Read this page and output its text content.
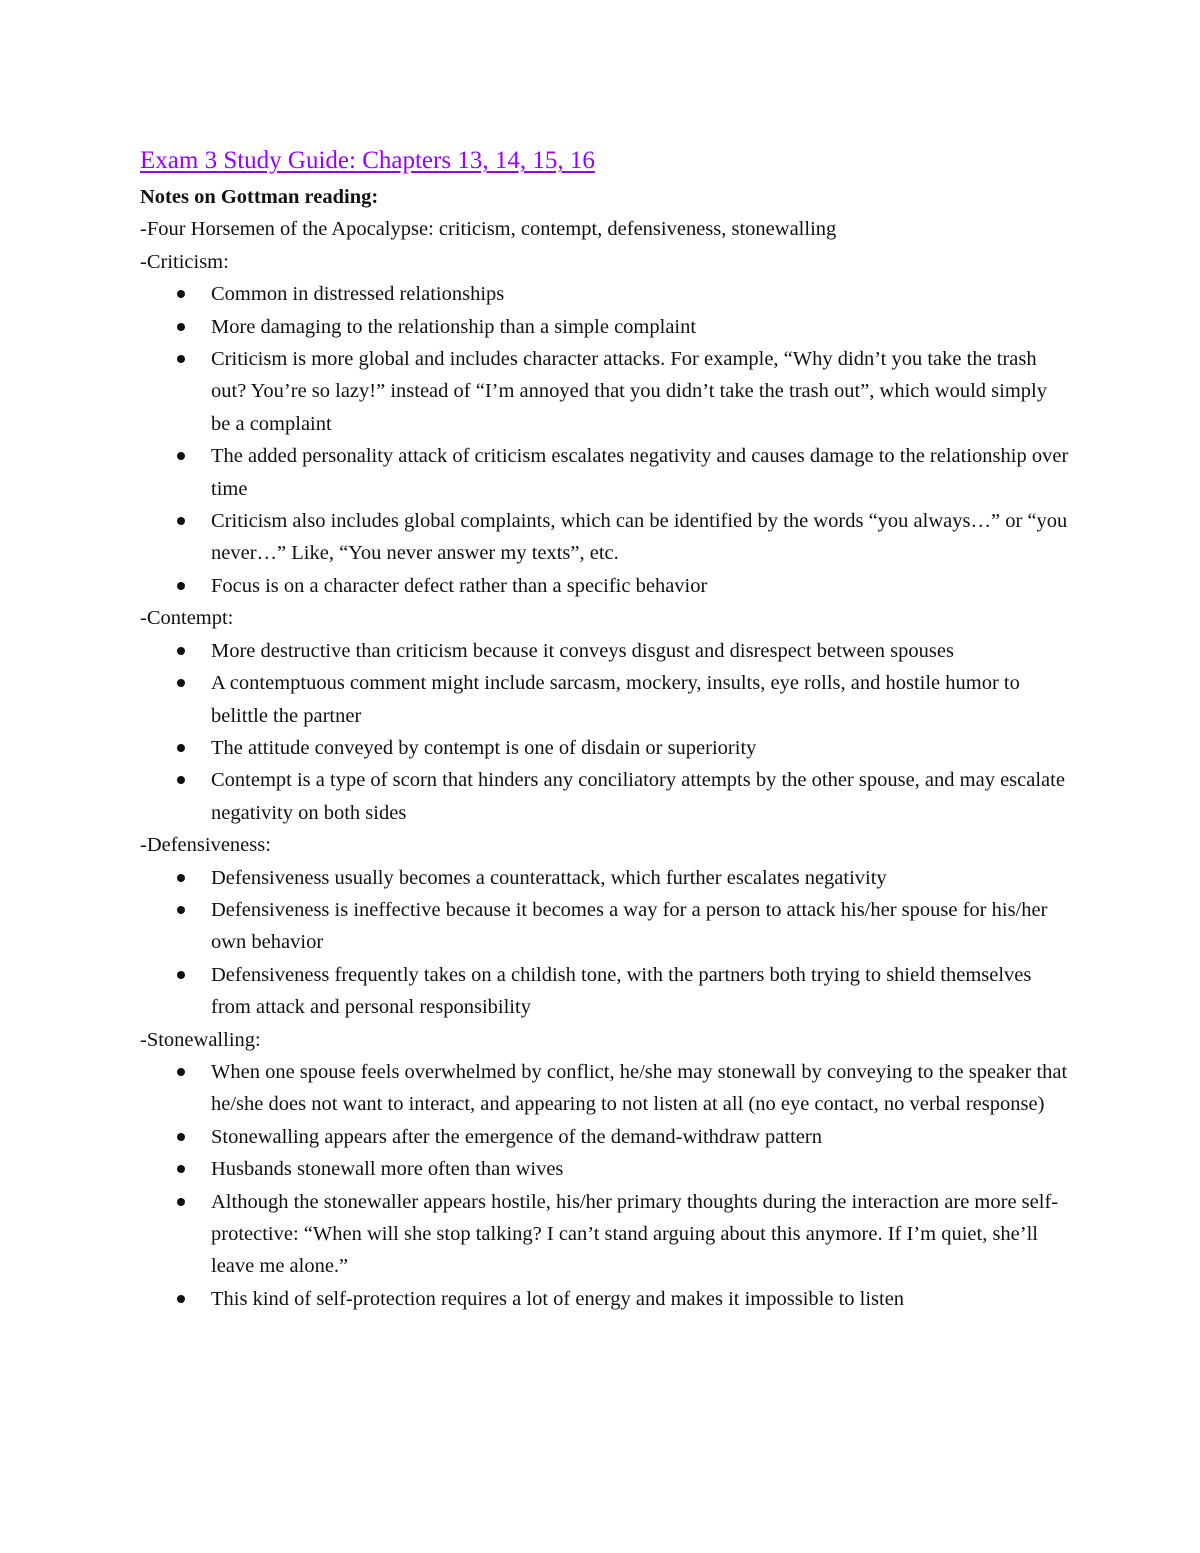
Exam 3 Study Guide: Chapters 13, 14, 15, 16
Notes on Gottman reading:
-Four Horsemen of the Apocalypse: criticism, contempt, defensiveness, stonewalling
-Criticism:
Common in distressed relationships
More damaging to the relationship than a simple complaint
Criticism is more global and includes character attacks. For example, “Why didn’t you take the trash out? You’re so lazy!” instead of “I’m annoyed that you didn’t take the trash out”, which would simply be a complaint
The added personality attack of criticism escalates negativity and causes damage to the relationship over time
Criticism also includes global complaints, which can be identified by the words “you always…” or “you never…” Like, “You never answer my texts”, etc.
Focus is on a character defect rather than a specific behavior
-Contempt:
More destructive than criticism because it conveys disgust and disrespect between spouses
A contemptuous comment might include sarcasm, mockery, insults, eye rolls, and hostile humor to belittle the partner
The attitude conveyed by contempt is one of disdain or superiority
Contempt is a type of scorn that hinders any conciliatory attempts by the other spouse, and may escalate negativity on both sides
-Defensiveness:
Defensiveness usually becomes a counterattack, which further escalates negativity
Defensiveness is ineffective because it becomes a way for a person to attack his/her spouse for his/her own behavior
Defensiveness frequently takes on a childish tone, with the partners both trying to shield themselves from attack and personal responsibility
-Stonewalling:
When one spouse feels overwhelmed by conflict, he/she may stonewall by conveying to the speaker that he/she does not want to interact, and appearing to not listen at all (no eye contact, no verbal response)
Stonewalling appears after the emergence of the demand-withdraw pattern
Husbands stonewall more often than wives
Although the stonewaller appears hostile, his/her primary thoughts during the interaction are more self-protective: “When will she stop talking? I can’t stand arguing about this anymore. If I’m quiet, she’ll leave me alone.”
This kind of self-protection requires a lot of energy and makes it impossible to listen
